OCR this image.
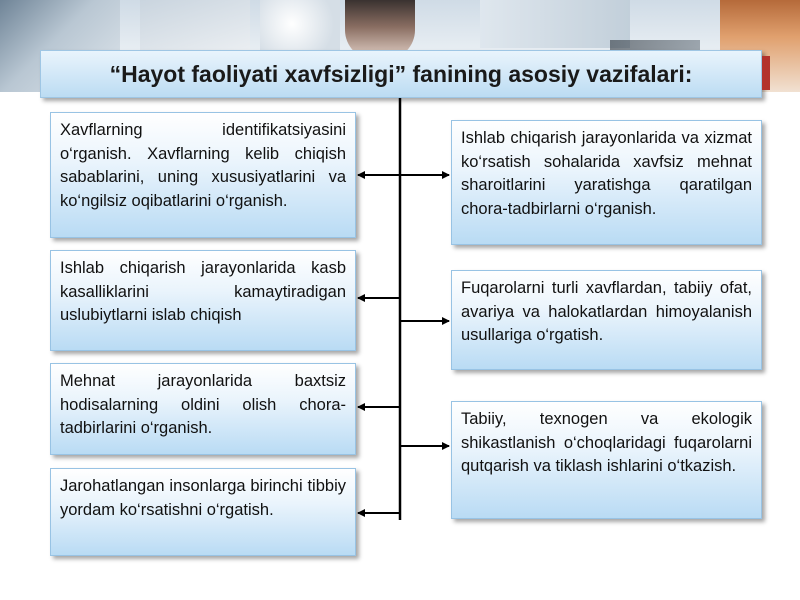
“Hayot faoliyati xavfsizligi” fanining asosiy vazifalari:
Xavflarning identifikatsiyasini o‘rganish. Xavflarning kelib chiqish sabablarini, uning xususiyatlarini va ko‘ngilsiz oqibatlarini o‘rganish.
Ishlab chiqarish jarayonlarida kasb kasalliklarini kamaytiradigan uslubiytlarni islab chiqish
Mehnat jarayonlarida baxtsiz hodisalarning oldini olish chora-tadbirlarini o‘rganish.
Jarohatlangan insonlarga birinchi tibbiy yordam ko‘rsatishni o‘rgatish.
Ishlab chiqarish jarayonlarida va xizmat ko‘rsatish sohalarida xavfsiz mehnat sharoitlarini yaratishga qaratilgan chora-tadbirlarni o‘rganish.
Fuqarolarni turli xavflardan, tabiiy ofat, avariya va halokatlardan himoyalanish usullariga o‘rgatish.
Tabiiy, texnogen va ekologik shikastlanish o‘choqlaridagi fuqarolarni qutqarish va tiklash ishlarini o‘tkazish.
